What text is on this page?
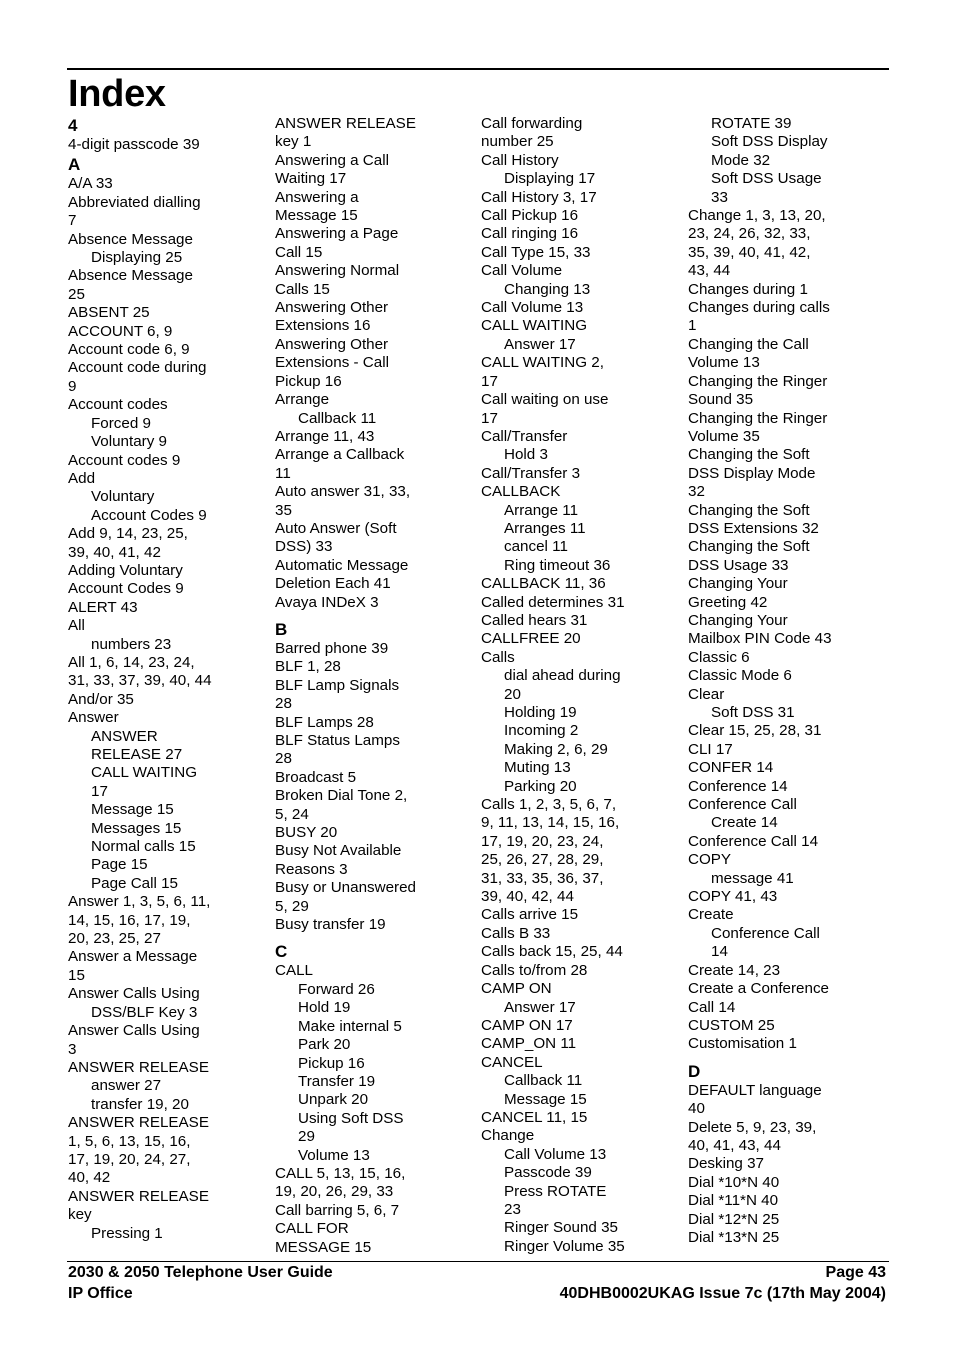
Index
4
4-digit passcode 39
A
A/A 33
Abbreviated dialling
7
Absence Message
Displaying 25
Absence Message
25
ABSENT 25
ACCOUNT 6, 9
Account code 6, 9
Account code during
9
Account codes
Forced 9
Voluntary 9
Account codes 9
Add
Voluntary
Account Codes 9
Add 9, 14, 23, 25,
39, 40, 41, 42
Adding Voluntary
Account Codes 9
ALERT 43
All
numbers 23
All 1, 6, 14, 23, 24,
31, 33, 37, 39, 40, 44
And/or 35
Answer
ANSWER
RELEASE 27
CALL WAITING
17
Message 15
Messages 15
Normal calls 15
Page 15
Page Call 15
Answer 1, 3, 5, 6, 11,
14, 15, 16, 17, 19,
20, 23, 25, 27
Answer a Message
15
Answer Calls Using
DSS/BLF Key 3
Answer Calls Using
3
ANSWER RELEASE
answer 27
transfer 19, 20
ANSWER RELEASE
1, 5, 6, 13, 15, 16,
17, 19, 20, 24, 27,
40, 42
ANSWER RELEASE
key
Pressing 1
ANSWER RELEASE
key 1
Answering a Call
Waiting 17
Answering a
Message 15
Answering a Page
Call 15
Answering Normal
Calls 15
Answering Other
Extensions 16
Answering Other
Extensions - Call
Pickup 16
Arrange
Callback 11
Arrange 11, 43
Arrange a Callback
11
Auto answer 31, 33,
35
Auto Answer (Soft
DSS) 33
Automatic Message
Deletion Each 41
Avaya INDeX 3
B
Barred phone 39
BLF 1, 28
BLF Lamp Signals
28
BLF Lamps 28
BLF Status Lamps
28
Broadcast 5
Broken Dial Tone 2,
5, 24
BUSY 20
Busy Not Available
Reasons 3
Busy or Unanswered
5, 29
Busy transfer 19
C
CALL
Forward 26
Hold 19
Make internal 5
Park 20
Pickup 16
Transfer 19
Unpark 20
Using Soft DSS
29
Volume 13
CALL 5, 13, 15, 16,
19, 20, 26, 29, 33
Call barring 5, 6, 7
CALL FOR
MESSAGE 15
Call forwarding
number 25
Call History
Displaying 17
Call History 3, 17
Call Pickup 16
Call ringing 16
Call Type 15, 33
Call Volume
Changing 13
Call Volume 13
CALL WAITING
Answer 17
CALL WAITING 2,
17
Call waiting on use
17
Call/Transfer
Hold 3
Call/Transfer 3
CALLBACK
Arrange 11
Arranges 11
cancel 11
Ring timeout 36
CALLBACK 11, 36
Called determines 31
Called hears 31
CALLFREE 20
Calls
dial ahead during
20
Holding 19
Incoming 2
Making 2, 6, 29
Muting 13
Parking 20
Calls 1, 2, 3, 5, 6, 7,
9, 11, 13, 14, 15, 16,
17, 19, 20, 23, 24,
25, 26, 27, 28, 29,
31, 33, 35, 36, 37,
39, 40, 42, 44
Calls arrive 15
Calls B 33
Calls back 15, 25, 44
Calls to/from 28
CAMP ON
Answer 17
CAMP ON 17
CAMP_ON 11
CANCEL
Callback 11
Message 15
CANCEL 11, 15
Change
Call Volume 13
Passcode 39
Press ROTATE
23
Ringer Sound 35
Ringer Volume 35
ROTATE 39
Soft DSS Display
Mode 32
Soft DSS Usage
33
Change 1, 3, 13, 20,
23, 24, 26, 32, 33,
35, 39, 40, 41, 42,
43, 44
Changes during 1
Changes during calls
1
Changing the Call
Volume 13
Changing the Ringer
Sound 35
Changing the Ringer
Volume 35
Changing the Soft
DSS Display Mode
32
Changing the Soft
DSS Extensions 32
Changing the Soft
DSS Usage 33
Changing Your
Greeting 42
Changing Your
Mailbox PIN Code 43
Classic 6
Classic Mode 6
Clear
Soft DSS 31
Clear 15, 25, 28, 31
CLI 17
CONFER 14
Conference 14
Conference Call
Create 14
Conference Call 14
COPY
message 41
COPY 41, 43
Create
Conference Call
14
Create 14, 23
Create a Conference
Call 14
CUSTOM 25
Customisation 1
D
DEFAULT language
40
Delete 5, 9, 23, 39,
40, 41, 43, 44
Desking 37
Dial *10*N 40
Dial *11*N 40
Dial *12*N 25
Dial *13*N 25
2030 & 2050 Telephone User Guide
IP Office
Page 43
40DHB0002UKAG Issue 7c (17th May 2004)
